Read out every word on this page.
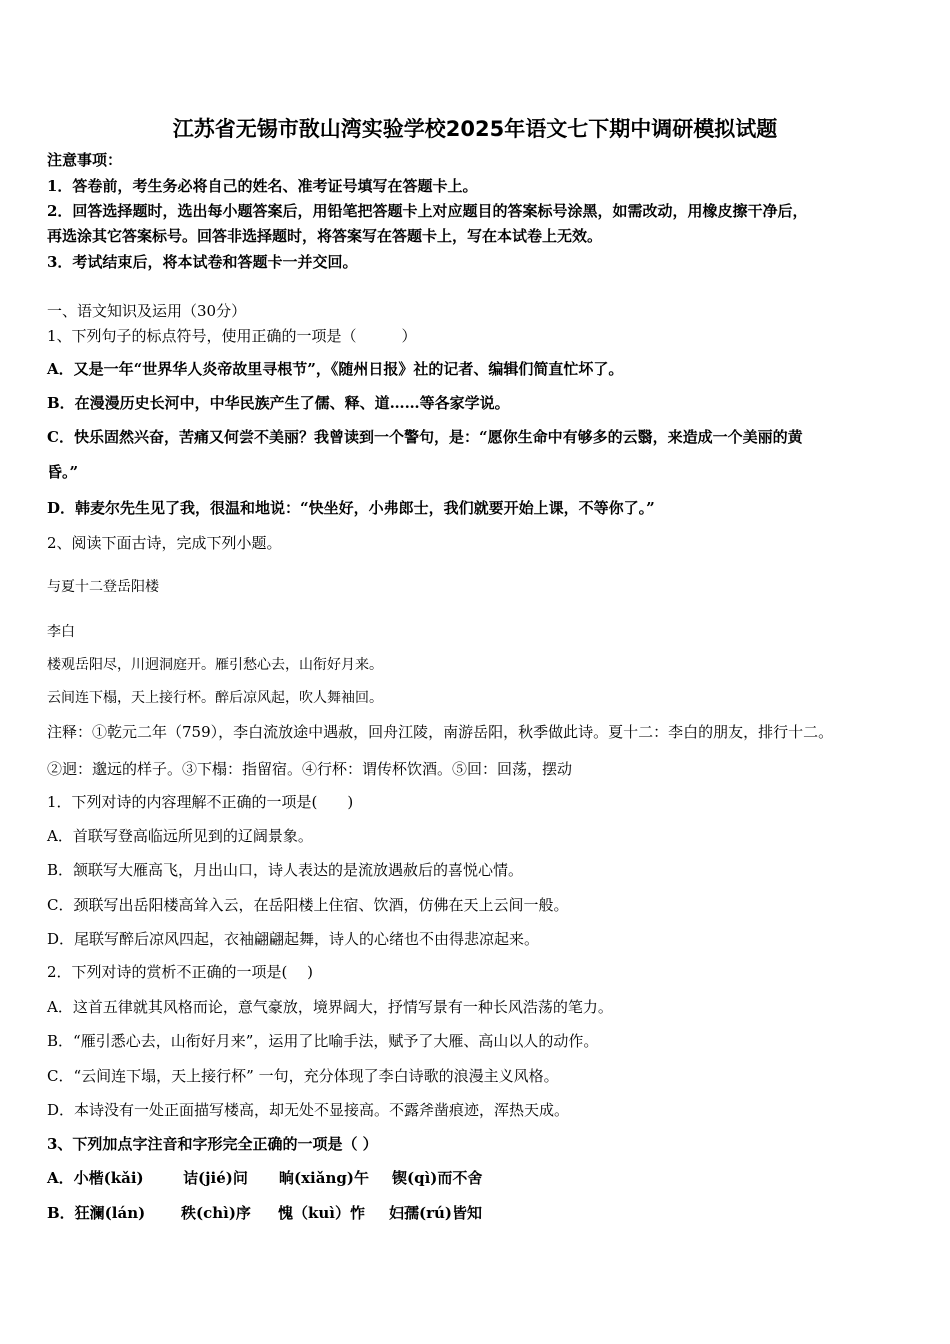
江苏省无锡市敔山湾实验学校2025年语文七下期中调研模拟试题
注意事项：
1．答卷前，考生务必将自己的姓名、准考证号填写在答题卡上。
2．回答选择题时，选出每小题答案后，用铅笔把答题卡上对应题目的答案标号涂黑，如需改动，用橡皮擦干净后，
再选涂其它答案标号。回答非选择题时，将答案写在答题卡上，写在本试卷上无效。
3．考试结束后，将本试卷和答题卡一并交回。
一、语文知识及运用（30分）
1、下列句子的标点符号，使用正确的一项是（　　　）
A．又是一年“世界华人炎帝故里寻根节”，《随州日报》社的记者、编辑们简直忙坏了。
B．在漫漫历史长河中，中华民族产生了儒、释、道……等各家学说。
C．快乐固然兴奋，苦痛又何尝不美丽？我曾读到一个警句，是：“愿你生命中有够多的云翳，来造成一个美丽的黄
昏。”
D．韩麦尔先生见了我，很温和地说：“快坐好，小弗郎士，我们就要开始上课，不等你了。”
2、阅读下面古诗，完成下列小题。
与夏十二登岳阳楼
李白
楼观岳阳尽，川迥洞庭开。雁引愁心去，山衔好月来。
云间连下榻，天上接行杯。醉后凉风起，吹人舞袖回。
注释：①乾元二年（759），李白流放途中遇赦，回舟江陵，南游岳阳，秋季做此诗。夏十二：李白的朋友，排行十二。
②迥：邈远的样子。③下榻：指留宿。④行杯：谓传杯饮酒。⑤回：回荡，摆动
1．下列对诗的内容理解不正确的一项是(　　)
A．首联写登高临远所见到的辽阔景象。
B．颔联写大雁高飞，月出山口，诗人表达的是流放遇赦后的喜悦心情。
C．颈联写出岳阳楼高耸入云，在岳阳楼上住宿、饮酒，仿佛在天上云间一般。
D．尾联写醉后凉风四起，衣袖翩翩起舞，诗人的心绪也不由得悲凉起来。
2．下列对诗的赏析不正确的一项是(　 )
A．这首五律就其风格而论，意气豪放，境界阔大，抒情写景有一种长风浩荡的笔力。
B．“雁引悉心去，山衔好月来”，运用了比喻手法，赋予了大雁、高山以人的动作。
C．“云间连下塌，天上接行杯” 一句，充分体现了李白诗歌的浪漫主义风格。
D．本诗没有一处正面描写楼高，却无处不显接高。不露斧凿痕迹，浑热天成。
3、下列加点字注音和字形完全正确的一项是（ ）
A．小楷(kǎi)	诘(jié)问 晌(xiǎng)午 锲(qì)而不舍
B．狂澜(lán) 秩(chì)序 愧（kuì）怍 妇孺(rú)皆知
